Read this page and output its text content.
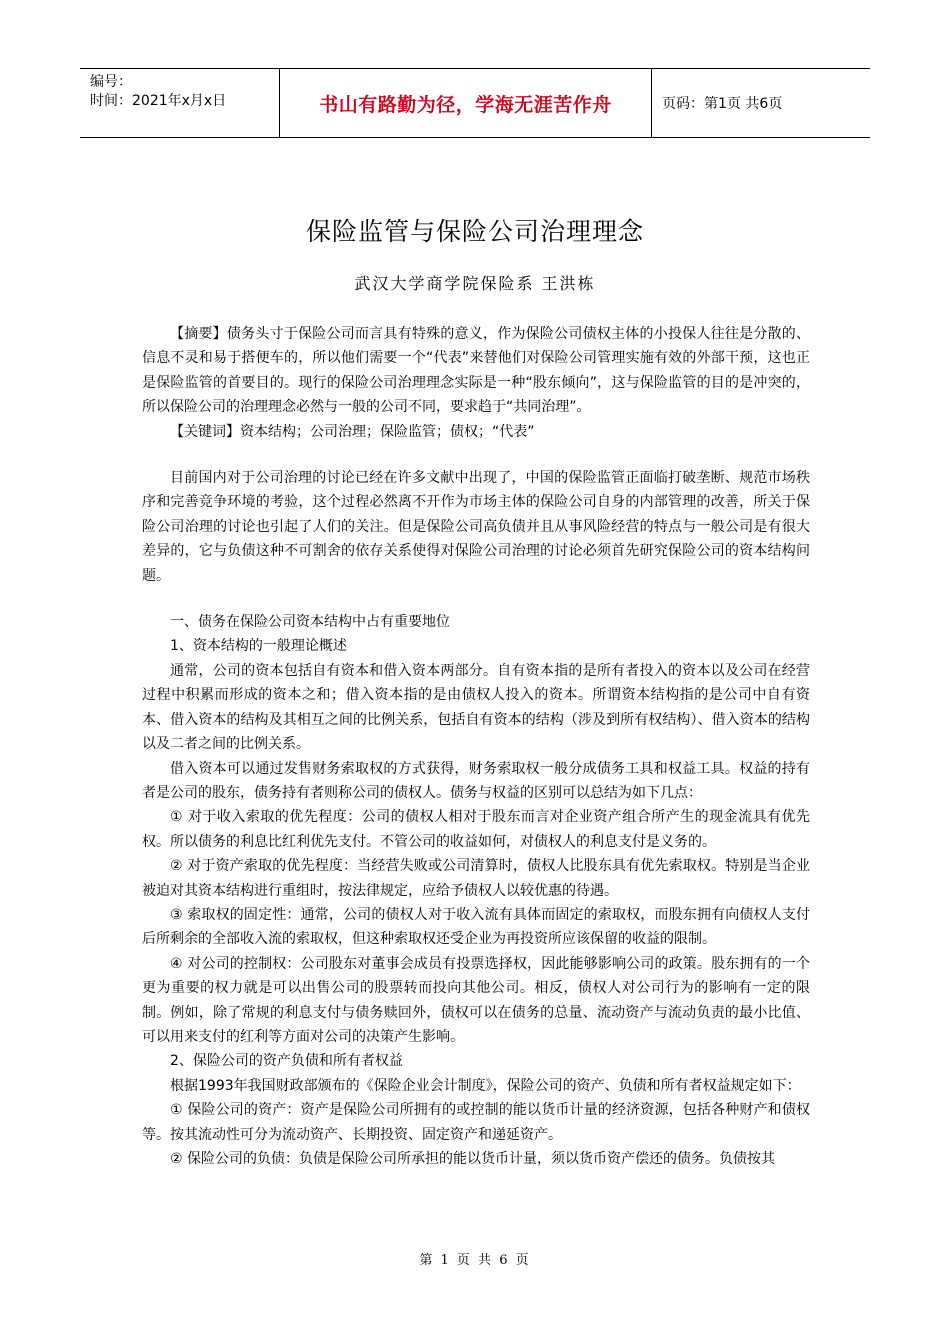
编号：
时间：2021年x月x日	书山有路勤为径，学海无涯苦作舟	页码：第1页 共6页
保险监管与保险公司治理理念
武汉大学商学院保险系 王洪栋

【摘要】债务头寸于保险公司而言具有特殊的意义，作为保险公司债权主体的小投保人往往是分散的、信息不灵和易于搭便车的，所以他们需要一个“代表”来替他们对保险公司管理实施有效的外部干预，这也正是保险监管的首要目的。现行的保险公司治理理念实际是一种“股东倾向”，这与保险监管的目的是冲突的，所以保险公司的治理理念必然与一般的公司不同，要求趋于“共同治理”。

【关键词】资本结构；公司治理；保险监管；债权；“代表”

目前国内对于公司治理的讨论已经在许多文献中出现了，中国的保险监管正面临打破垄断、规范市场秩序和完善竞争环境的考验，这个过程必然离不开作为市场主体的保险公司自身的内部管理的改善，所关于保险公司治理的讨论也引起了人们的关注。但是保险公司高负债并且从事风险经营的特点与一般公司是有很大差异的，它与负债这种不可割舍的依存关系使得对保险公司治理的讨论必须首先研究保险公司的资本结构问题。

一、债务在保险公司资本结构中占有重要地位

1、资本结构的一般理论概述

通常，公司的资本包括自有资本和借入资本两部分。自有资本指的是所有者投入的资本以及公司在经营过程中积累而形成的资本之和；借入资本指的是由债权人投入的资本。所谓资本结构指的是公司中自有资本、借入资本的结构及其相互之间的比例关系，包括自有资本的结构（涉及到所有权结构）、借入资本的结构以及二者之间的比例关系。

借入资本可以通过发售财务索取权的方式获得，财务索取权一般分成债务工具和权益工具。权益的持有者是公司的股东，债务持有者则称公司的债权人。债务与权益的区别可以总结为如下几点：

① 对于收入索取的优先程度：公司的债权人相对于股东而言对企业资产组合所产生的现金流具有优先权。所以债务的利息比红利优先支付。不管公司的收益如何，对债权人的利息支付是义务的。

② 对于资产索取的优先程度：当经营失败或公司清算时，债权人比股东具有优先索取权。特别是当企业被迫对其资本结构进行重组时，按法律规定，应给予债权人以较优惠的待遇。

③ 索取权的固定性：通常，公司的债权人对于收入流有具体而固定的索取权，而股东拥有向债权人支付后所剩余的全部收入流的索取权，但这种索取权还受企业为再投资所应该保留的收益的限制。

④ 对公司的控制权：公司股东对董事会成员有投票选择权，因此能够影响公司的政策。股东拥有的一个更为重要的权力就是可以出售公司的股票转而投向其他公司。相反，债权人对公司行为的影响有一定的限制。例如，除了常规的利息支付与债务赎回外，债权可以在债务的总量、流动资产与流动负责的最小比值、可以用来支付的红利等方面对公司的决策产生影响。

2、保险公司的资产负债和所有者权益

根据1993年我国财政部颁布的《保险企业会计制度》，保险公司的资产、负债和所有者权益规定如下：

① 保险公司的资产：资产是保险公司所拥有的或控制的能以货币计量的经济资源，包括各种财产和债权等。按其流动性可分为流动资产、长期投资、固定资产和递延资产。

② 保险公司的负债：负债是保险公司所承担的能以货币计量，须以货币资产偿还的债务。负债按其

第 1 页 共 6 页
